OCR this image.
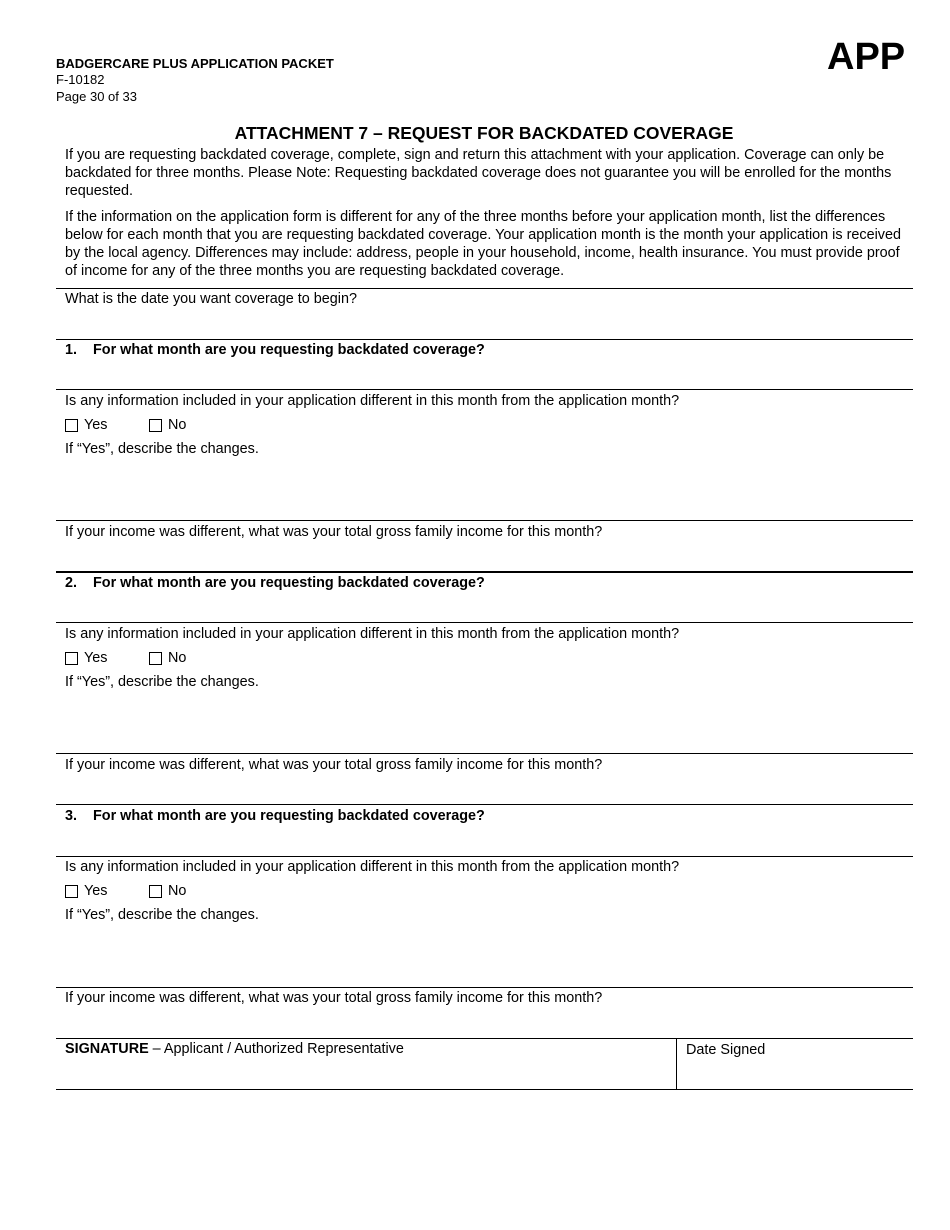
BADGERCARE PLUS APPLICATION PACKET
F-10182
Page 30 of 33
APP
ATTACHMENT 7 – REQUEST FOR BACKDATED COVERAGE
If you are requesting backdated coverage, complete, sign and return this attachment with your application. Coverage can only be backdated for three months. Please Note: Requesting backdated coverage does not guarantee you will be enrolled for the months requested.
If the information on the application form is different for any of the three months before your application month, list the differences below for each month that you are requesting backdated coverage. Your application month is the month your application is received by the local agency. Differences may include: address, people in your household, income, health insurance. You must provide proof of income for any of the three months you are requesting backdated coverage.
What is the date you want coverage to begin?
1. For what month are you requesting backdated coverage?
Is any information included in your application different in this month from the application month?
Yes	No
If “Yes”, describe the changes.
If your income was different, what was your total gross family income for this month?
2. For what month are you requesting backdated coverage?
Is any information included in your application different in this month from the application month?
Yes	No
If “Yes”, describe the changes.
If your income was different, what was your total gross family income for this month?
3. For what month are you requesting backdated coverage?
Is any information included in your application different in this month from the application month?
Yes	No
If “Yes”, describe the changes.
If your income was different, what was your total gross family income for this month?
SIGNATURE – Applicant / Authorized Representative	Date Signed
